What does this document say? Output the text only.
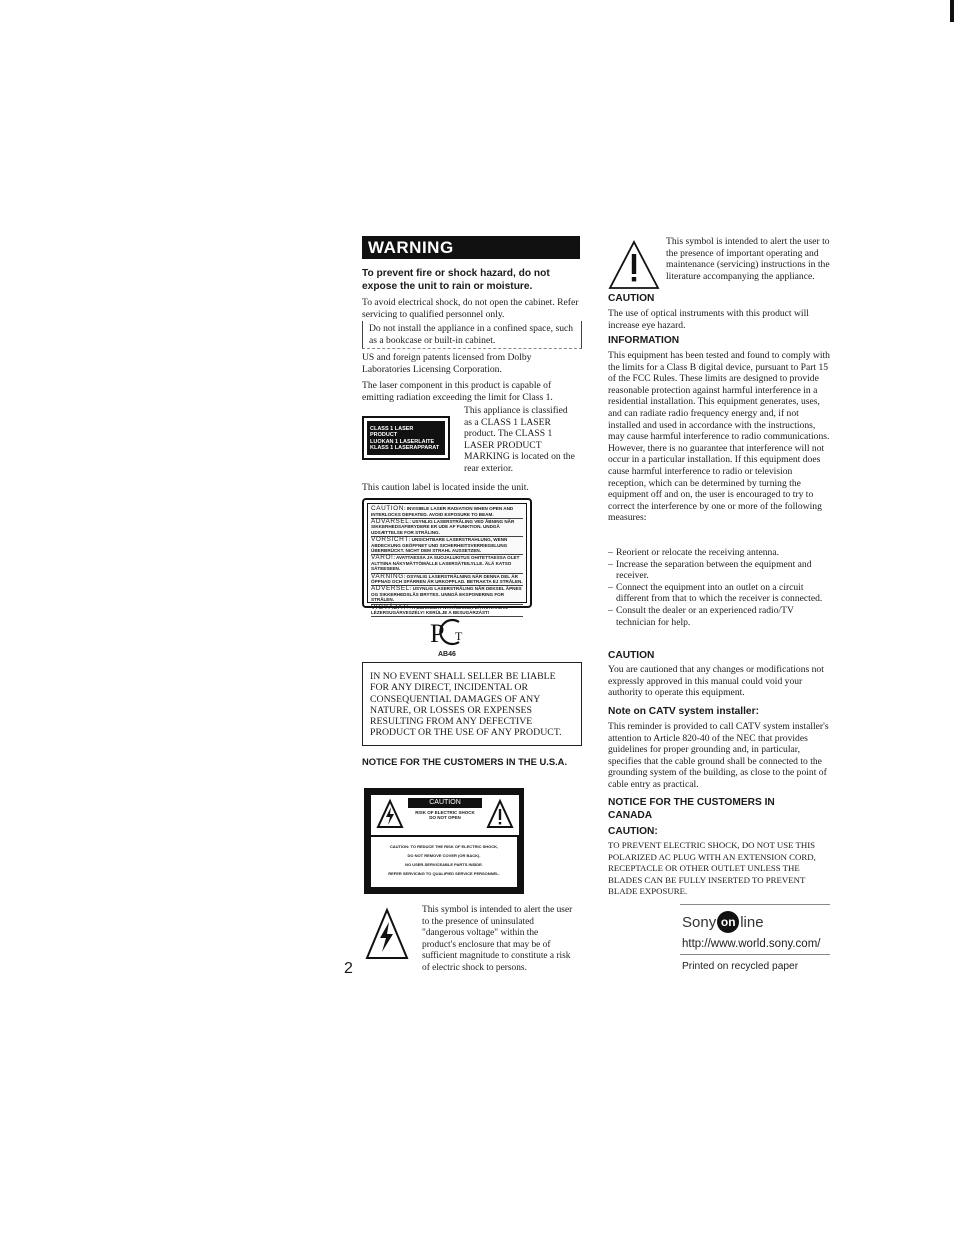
WARNING
To prevent fire or shock hazard, do not expose the unit to rain or moisture.
To avoid electrical shock, do not open the cabinet. Refer servicing to qualified personnel only.
Do not install the appliance in a confined space, such as a bookcase or built-in cabinet.
US and foreign patents licensed from Dolby Laboratories Licensing Corporation.
The laser component in this product is capable of emitting radiation exceeding the limit for Class 1.
CLASS 1 LASER PRODUCT
LUOKAN 1 LASERLAITE
KLASS 1 LASERAPPARAT
This appliance is classified as a CLASS 1 LASER product. The CLASS 1 LASER PRODUCT MARKING is located on the rear exterior.
This caution label is located inside the unit.
CAUTION: INVISIBLE LASER RADIATION WHEN OPEN AND INTERLOCKS DEFEATED. AVOID EXPOSURE TO BEAM.
ADVARSEL: USYNLIG LASERSTRÅLING VED ÅBNING NÅR SIKKERHEDSAFBRYDERE ER UDE AF FUNKTION. UNDGÅ UDSÆTTELSE FOR STRÅLING.
VORSICHT: UNSICHTBARE LASERSTRAHLUNG, WENN ABDECKUNG GEÖFFNET UND SICHERHEITSVERRIEGELUNG ÜBERBRÜCKT. NICHT DEM STRAHL AUSSETZEN.
VARO!: AVATTAESSA JA SUOJALUKITUS OHITETTAESSA OLET ALTTIINA NÄKYMÄTTÖMÄLLE LASERSÄTEILYLLE. ÄLÄ KATSO SÄTEESEEN.
VARNING: OSYNLIG LASERSTRÅLNING NÄR DENNA DEL ÄR ÖPPNAD OCH SPÄRREN ÄR URKOPPLAD. BETRAKTA EJ STRÅLEN.
ADVERSEL: USYNLIG LASERSTRÅLING NÅR DEKSEL ÅPNES OG SIKKERHEDSLÅS BRYTES. UNNGÅ EKSPONERING FOR STRÅLEN.
VIGYÁZAT!: A BURKOLAT NYITÁSAKOR LÁTHATATLAN LÉZERSUGÁRVESZÉLY! KERÜLJE A BESUGÁRZÁST!
P T
AB46
IN NO EVENT SHALL SELLER BE LIABLE FOR ANY DIRECT, INCIDENTAL OR CONSEQUENTIAL DAMAGES OF ANY NATURE, OR LOSSES OR EXPENSES RESULTING FROM ANY DEFECTIVE PRODUCT OR THE USE OF ANY PRODUCT.
NOTICE FOR THE CUSTOMERS IN THE U.S.A.
CAUTION
RISK OF ELECTRIC SHOCK
DO NOT OPEN
CAUTION: TO REDUCE THE RISK OF ELECTRIC SHOCK,
DO NOT REMOVE COVER (OR BACK).
NO USER-SERVICEABLE PARTS INSIDE.
REFER SERVICING TO QUALIFIED SERVICE PERSONNEL.
This symbol is intended to alert the user to the presence of uninsulated "dangerous voltage" within the product's enclosure that may be of sufficient magnitude to constitute a risk of electric shock to persons.
2
This symbol is intended to alert the user to the presence of important operating and maintenance (servicing) instructions in the literature accompanying the appliance.
CAUTION
The use of optical instruments with this product will increase eye hazard.
INFORMATION
This equipment has been tested and found to comply with the limits for a Class B digital device, pursuant to Part 15 of the FCC Rules. These limits are designed to provide reasonable protection against harmful interference in a residential installation. This equipment generates, uses, and can radiate radio frequency energy and, if not installed and used in accordance with the instructions, may cause harmful interference to radio communications. However, there is no guarantee that interference will not occur in a particular installation. If this equipment does cause harmful interference to radio or television reception, which can be determined by turning the equipment off and on, the user is encouraged to try to correct the interference by one or more of the following measures:
– Reorient or relocate the receiving antenna.
– Increase the separation between the equipment and receiver.
– Connect the equipment into an outlet on a circuit different from that to which the receiver is connected.
– Consult the dealer or an experienced radio/TV technician for help.
CAUTION
You are cautioned that any changes or modifications not expressly approved in this manual could void your authority to operate this equipment.
Note on CATV system installer:
This reminder is provided to call CATV system installer's attention to Article 820-40 of the NEC that provides guidelines for proper grounding and, in particular, specifies that the cable ground shall be connected to the grounding system of the building, as close to the point of cable entry as practical.
NOTICE FOR THE CUSTOMERS IN CANADA
CAUTION:
TO PREVENT ELECTRIC SHOCK, DO NOT USE THIS POLARIZED AC PLUG WITH AN EXTENSION CORD, RECEPTACLE OR OTHER OUTLET UNLESS THE BLADES CAN BE FULLY INSERTED TO PREVENT BLADE EXPOSURE.
Sony on line
http://www.world.sony.com/
Printed on recycled paper
